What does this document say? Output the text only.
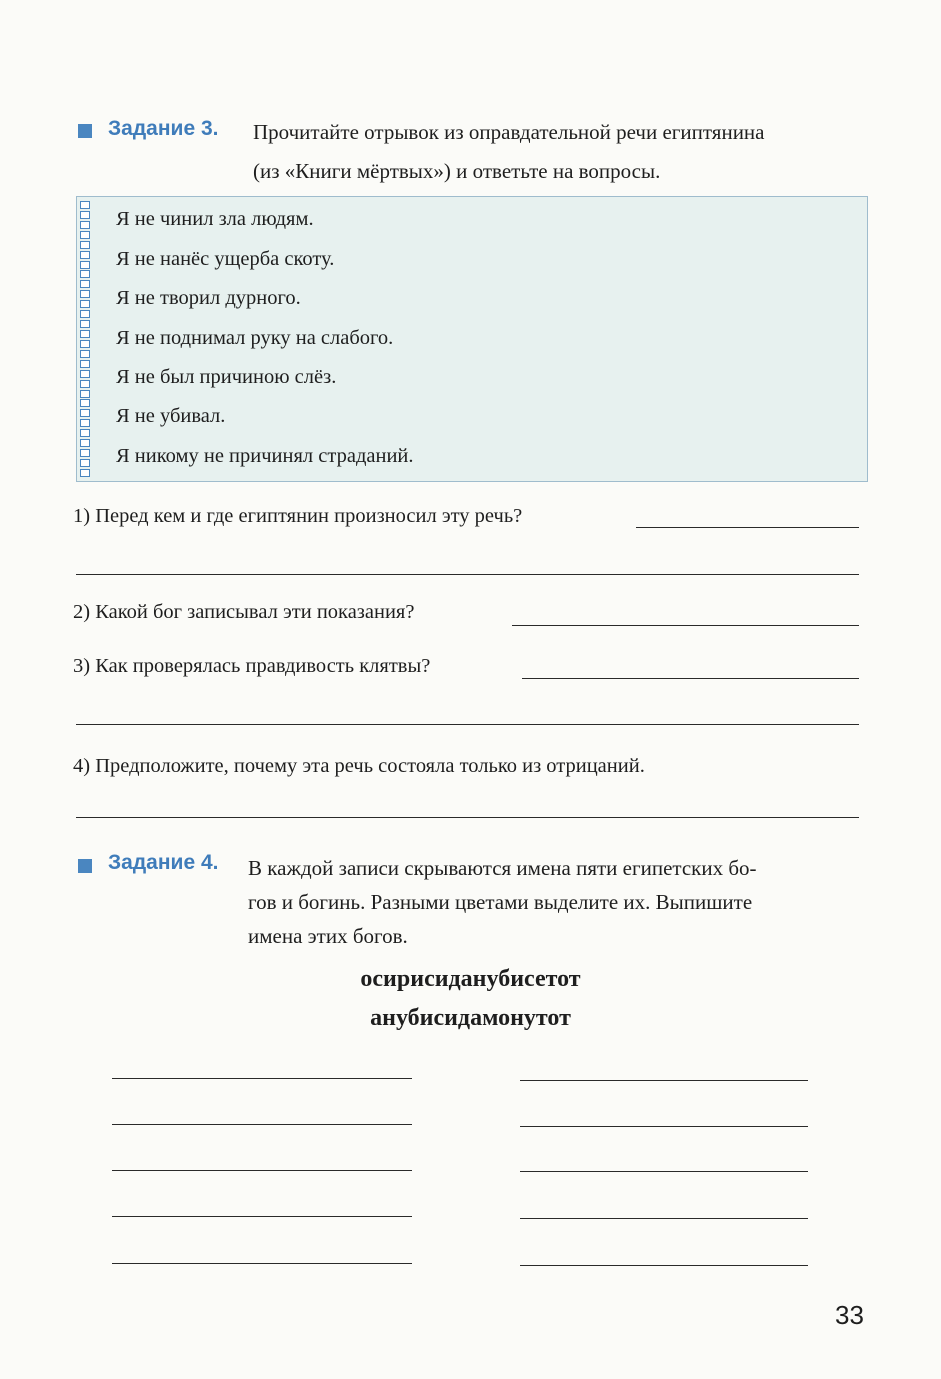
Задание 3. Прочитайте отрывок из оправдательной речи египтянина
(из «Книги мёртвых») и ответьте на вопросы.
Я не чинил зла людям.
Я не нанёс ущерба скоту.
Я не творил дурного.
Я не поднимал руку на слабого.
Я не был причиною слёз.
Я не убивал.
Я никому не причинял страданий.
1) Перед кем и где египтянин произносил эту речь?
2) Какой бог записывал эти показания?
3) Как проверялась правдивость клятвы?
4) Предположите, почему эта речь состояла только из отрицаний.
Задание 4. В каждой записи скрываются имена пяти египетских бо-
гов и богинь. Разными цветами выделите их. Выпишите
имена этих богов.
осирисиданубисетот
анубисидамонутот
33
